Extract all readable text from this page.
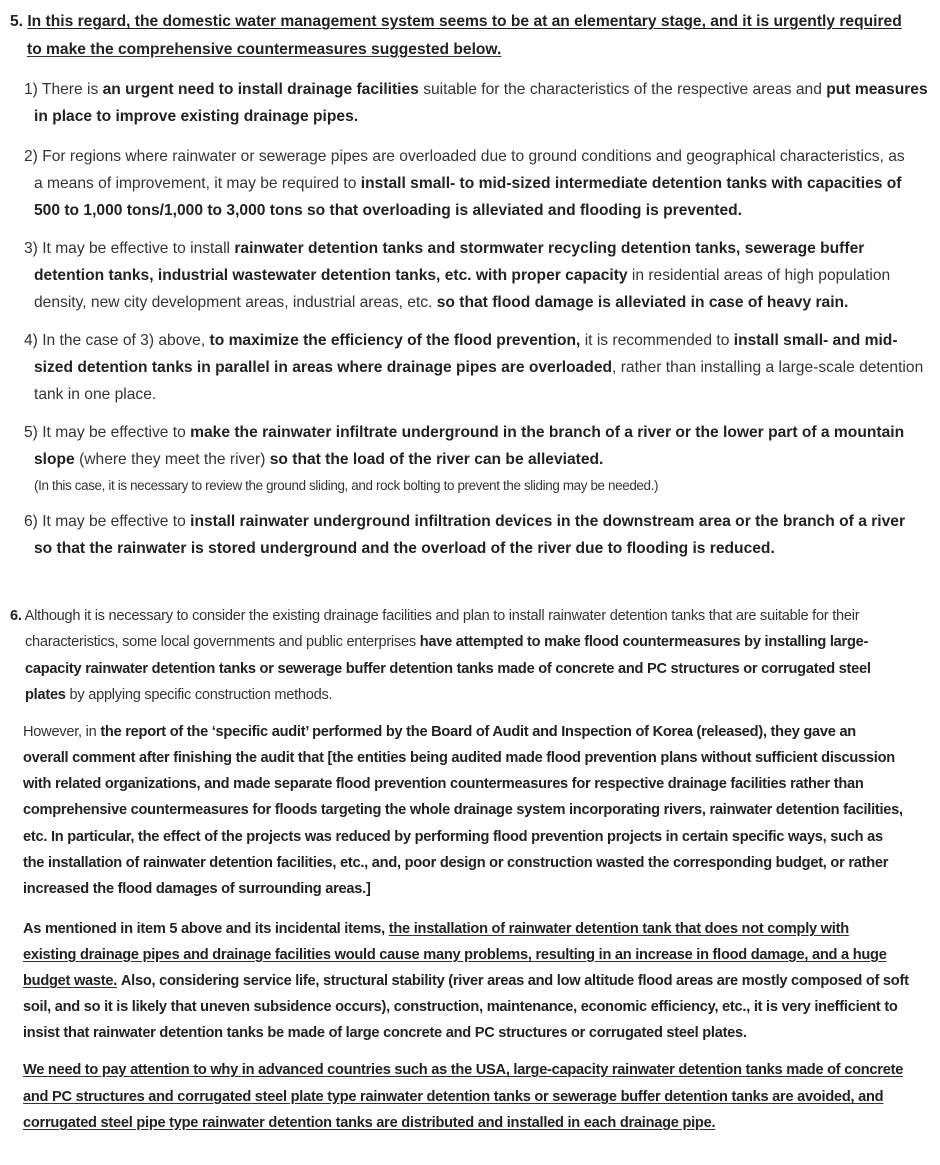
5. In this regard, the domestic water management system seems to be at an elementary stage, and it is urgently required
to make the comprehensive countermeasures suggested below.
1) There is an urgent need to install drainage facilities suitable for the characteristics of the respective areas and put measures
in place to improve existing drainage pipes.
2) For regions where rainwater or sewerage pipes are overloaded due to ground conditions and geographical characteristics, as
a means of improvement, it may be required to install small- to mid-sized intermediate detention tanks with capacities of
500 to 1,000 tons/1,000 to 3,000 tons so that overloading is alleviated and flooding is prevented.
3) It may be effective to install rainwater detention tanks and stormwater recycling detention tanks, sewerage buffer
detention tanks, industrial wastewater detention tanks, etc. with proper capacity in residential areas of high population
density, new city development areas, industrial areas, etc. so that flood damage is alleviated in case of heavy rain.
4) In the case of 3) above, to maximize the efficiency of the flood prevention, it is recommended to install small- and mid-
sized detention tanks in parallel in areas where drainage pipes are overloaded, rather than installing a large-scale detention
tank in one place.
5) It may be effective to make the rainwater infiltrate underground in the branch of a river or the lower part of a mountain
slope (where they meet the river) so that the load of the river can be alleviated.
(In this case, it is necessary to review the ground sliding, and rock bolting to prevent the sliding may be needed.)
6) It may be effective to install rainwater underground infiltration devices in the downstream area or the branch of a river
so that the rainwater is stored underground and the overload of the river due to flooding is reduced.
6. Although it is necessary to consider the existing drainage facilities and plan to install rainwater detention tanks that are suitable for their
characteristics, some local governments and public enterprises have attempted to make flood countermeasures by installing large-
capacity rainwater detention tanks or sewerage buffer detention tanks made of concrete and PC structures or corrugated steel
plates by applying specific construction methods.
However, in the report of the ‘specific audit’ performed by the Board of Audit and Inspection of Korea (released), they gave an
overall comment after finishing the audit that [the entities being audited made flood prevention plans without sufficient discussion
with related organizations, and made separate flood prevention countermeasures for respective drainage facilities rather than
comprehensive countermeasures for floods targeting the whole drainage system incorporating rivers, rainwater detention facilities,
etc. In particular, the effect of the projects was reduced by performing flood prevention projects in certain specific ways, such as
the installation of rainwater detention facilities, etc., and, poor design or construction wasted the corresponding budget, or rather
increased the flood damages of surrounding areas.]
As mentioned in item 5 above and its incidental items, the installation of rainwater detention tank that does not comply with
existing drainage pipes and drainage facilities would cause many problems, resulting in an increase in flood damage, and a huge
budget waste. Also, considering service life, structural stability (river areas and low altitude flood areas are mostly composed of soft
soil, and so it is likely that uneven subsidence occurs), construction, maintenance, economic efficiency, etc., it is very inefficient to
insist that rainwater detention tanks be made of large concrete and PC structures or corrugated steel plates.
We need to pay attention to why in advanced countries such as the USA, large-capacity rainwater detention tanks made of concrete
and PC structures and corrugated steel plate type rainwater detention tanks or sewerage buffer detention tanks are avoided, and
corrugated steel pipe type rainwater detention tanks are distributed and installed in each drainage pipe.
